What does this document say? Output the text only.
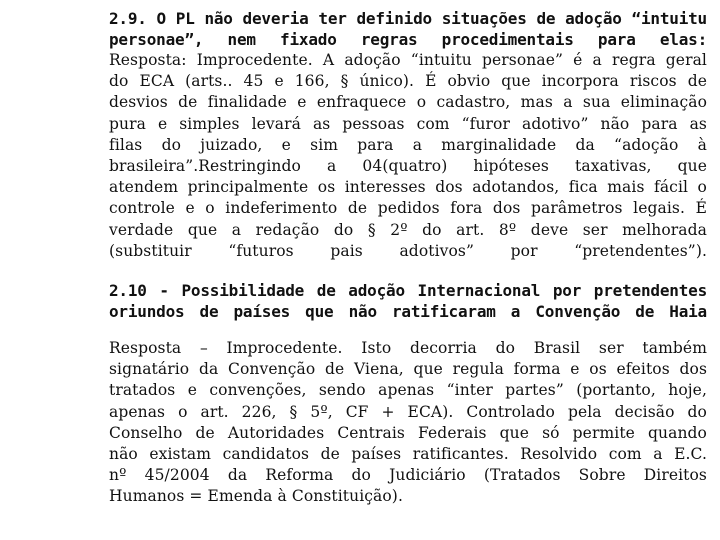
2.9. O PL não deveria ter definido situações de adoção “intuitu
personae”, nem fixado regras procedimentais para elas:
Resposta: Improcedente. A adoção “intuitu personae” é a regra geral
do ECA (arts.. 45 e 166, § único). É obvio que incorpora riscos de
desvios de finalidade e enfraquece o cadastro, mas a sua eliminação
pura e simples levará as pessoas com “furor adotivo” não para as
filas do juizado, e sim para a marginalidade da “adoção à
brasileira”.Restringindo a 04(quatro) hipóteses taxativas, que
atendem principalmente os interesses dos adotandos, fica mais fácil o
controle e o indeferimento de pedidos fora dos parâmetros legais. É
verdade que a redação do § 2º do art. 8º deve ser melhorada
(substituir “futuros pais adotivos” por “pretendentes”).
2.10 - Possibilidade de adoção Internacional por pretendentes
oriundos de países que não ratificaram a Convenção de Haia
Resposta – Improcedente. Isto decorria do Brasil ser também
signatário da Convenção de Viena, que regula forma e os efeitos dos
tratados e convenções, sendo apenas “inter partes” (portanto, hoje,
apenas o art. 226, § 5º, CF + ECA). Controlado pela decisão do
Conselho de Autoridades Centrais Federais que só permite quando
não existam candidatos de países ratificantes. Resolvido com a E.C.
nº 45/2004 da Reforma do Judiciário (Tratados Sobre Direitos
Humanos = Emenda à Constituição).
